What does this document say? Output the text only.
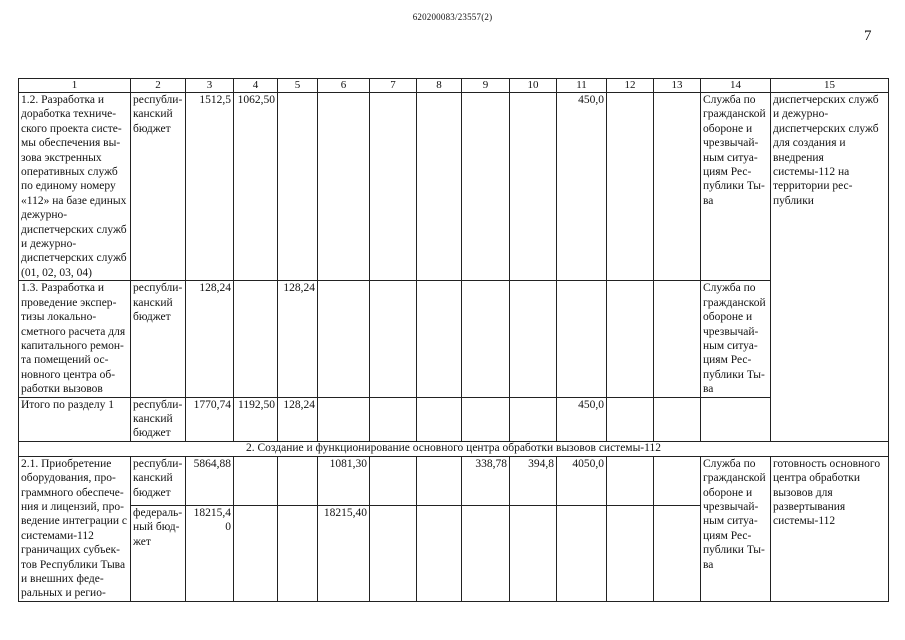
620200083/23557(2)
7
1	2	3	4	5	6	7	8	9	10	11	12	13	14	15
1.2. Разработка и доработка технического проекта системы обеспечения вызова экстренных оперативных служб по единому номеру «112» на базе единых дежурно-диспетчерских служб и дежурно-диспетчерских служб (01, 02, 03, 04)	республиканский бюджет	1512,5	1062,50							450,0			Служба по гражданской обороне и чрезвычайным ситуациям Республики Тыва	диспетчерских служб и дежурно-диспетчерских служб для создания и внедрения системы-112 на территории республики
1.3. Разработка и проведение экспертизы локально-сметного расчета для капитального ремонта помещений основного центра обработки вызовов	республиканский бюджет	128,24		128,24									Служба по гражданской обороне и чрезвычайным ситуациям Республики Тыва	
Итого по разделу 1	республиканский бюджет	1770,74	1192,50	128,24						450,0				
2. Создание и функционирование основного центра обработки вызовов системы-112														
2.1. Приобретение оборудования, программного обеспечения и лицензий, проведение интеграции с системами-112 граничащих субъектов Республики Тыва и внешних федеральных и регио-	республиканский бюджет	5864,88			1081,30			338,78	394,8	4050,0			Служба по гражданской обороне и чрезвычайным ситуациям Республики Тыва	готовность основного центра обработки вызовов для развертывания системы-112
	федеральный бюджет	18215,40			18215,40									
